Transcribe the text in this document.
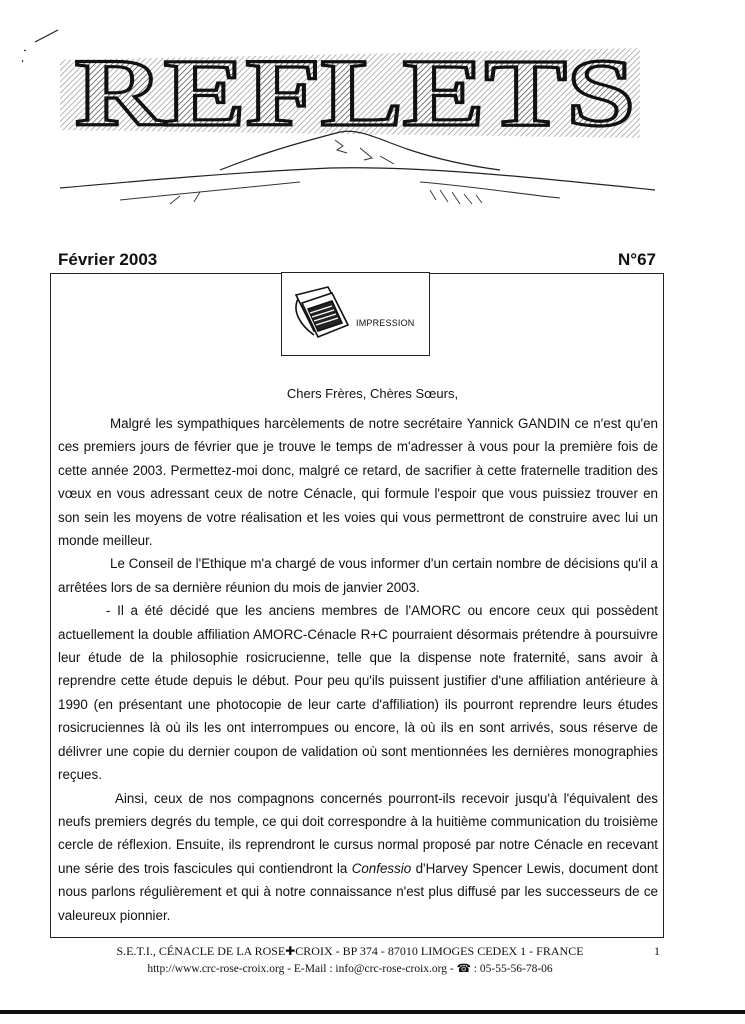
REFLETS
Février 2003	N°67
IMPRESSION
Chers Frères, Chères Sœurs,

Malgré les sympathiques harcèlements de notre secrétaire Yannick GANDIN ce n'est qu'en ces premiers jours de février que je trouve le temps de m'adresser à vous pour la première fois de cette année 2003. Permettez-moi donc, malgré ce retard, de sacrifier à cette fraternelle tradition des vœux en vous adressant ceux de notre Cénacle, qui formule l'espoir que vous puissiez trouver en son sein les moyens de votre réalisation et les voies qui vous permettront de construire avec lui un monde meilleur.

Le Conseil de l'Ethique m'a chargé de vous informer d'un certain nombre de décisions qu'il a arrêtées lors de sa dernière réunion du mois de janvier 2003.

- Il a été décidé que les anciens membres de l'AMORC ou encore ceux qui possèdent actuellement la double affiliation AMORC-Cénacle R+C pourraient désormais prétendre à poursuivre leur étude de la philosophie rosicrucienne, telle que la dispense note fraternité, sans avoir à reprendre cette étude depuis le début. Pour peu qu'ils puissent justifier d'une affiliation antérieure à 1990 (en présentant une photocopie de leur carte d'affiliation) ils pourront reprendre leurs études rosicruciennes là où ils les ont interrompues ou encore, là où ils en sont arrivés, sous réserve de délivrer une copie du dernier coupon de validation où sont mentionnées les dernières monographies reçues.

Ainsi, ceux de nos compagnons concernés pourront-ils recevoir jusqu'à l'équivalent des neufs premiers degrés du temple, ce qui doit correspondre à la huitième communication du troisième cercle de réflexion. Ensuite, ils reprendront le cursus normal proposé par notre Cénacle en recevant une série des trois fascicules qui contiendront la Confessio d'Harvey Spencer Lewis, document dont nous parlons régulièrement et qui à notre connaissance n'est plus diffusé par les successeurs de ce valeureux pionnier.

S.E.T.I., CÉNACLE DE LA ROSE✚CROIX - BP 374 - 87010 LIMOGES CEDEX 1 - FRANCE	1
http://www.crc-rose-croix.org - E-Mail : info@crc-rose-croix.org - ☎ : 05-55-56-78-06
